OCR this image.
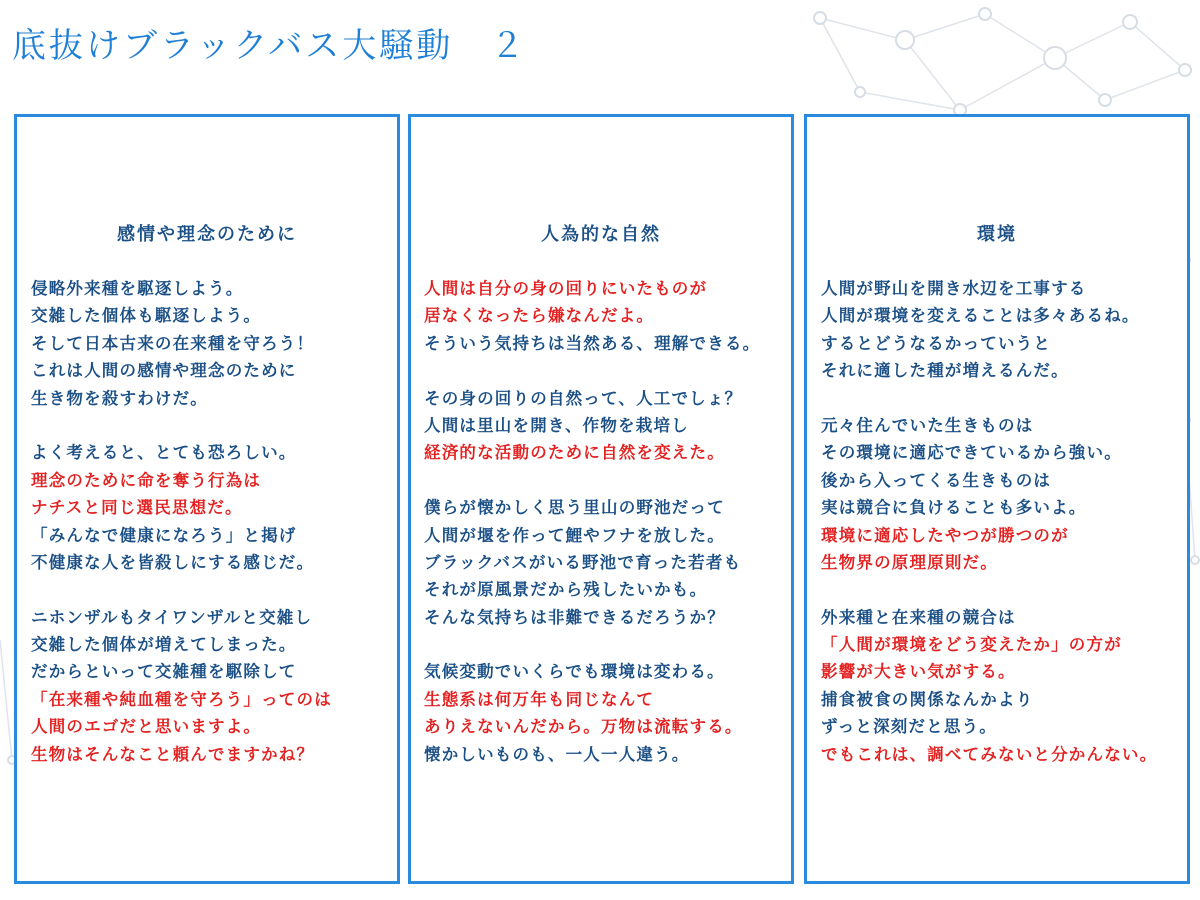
底抜けブラックバス大騒動　２
感情や理念のために
侵略外来種を駆逐しよう。
交雑した個体も駆逐しよう。
そして日本古来の在来種を守ろう！
これは人間の感情や理念のために
生き物を殺すわけだ。
よく考えると、とても恐ろしい。
理念のために命を奪う行為は
ナチスと同じ選民思想だ。
「みんなで健康になろう」と掲げ
不健康な人を皆殺しにする感じだ。
ニホンザルもタイワンザルと交雑し
交雑した個体が増えてしまった。
だからといって交雑種を駆除して
「在来種や純血種を守ろう」ってのは
人間のエゴだと思いますよ。
生物はそんなこと頼んでますかね？
人為的な自然
人間は自分の身の回りにいたものが
居なくなったら嫌なんだよ。
そういう気持ちは当然ある、理解できる。
その身の回りの自然って、人工でしょ？
人間は里山を開き、作物を栽培し
経済的な活動のために自然を変えた。
僕らが懐かしく思う里山の野池だって
人間が堰を作って鯉やフナを放した。
ブラックバスがいる野池で育った若者も
それが原風景だから残したいかも。
そんな気持ちは非難できるだろうか？
気候変動でいくらでも環境は変わる。
生態系は何万年も同じなんて
ありえないんだから。万物は流転する。
懐かしいものも、一人一人違う。
環境
人間が野山を開き水辺を工事する
人間が環境を変えることは多々あるね。
するとどうなるかっていうと
それに適した種が増えるんだ。
元々住んでいた生きものは
その環境に適応できているから強い。
後から入ってくる生きものは
実は競合に負けることも多いよ。
環境に適応したやつが勝つのが
生物界の原理原則だ。
外来種と在来種の競合は
「人間が環境をどう変えたか」の方が
影響が大きい気がする。
捕食被食の関係なんかより
ずっと深刻だと思う。
でもこれは、調べてみないと分かんない。
